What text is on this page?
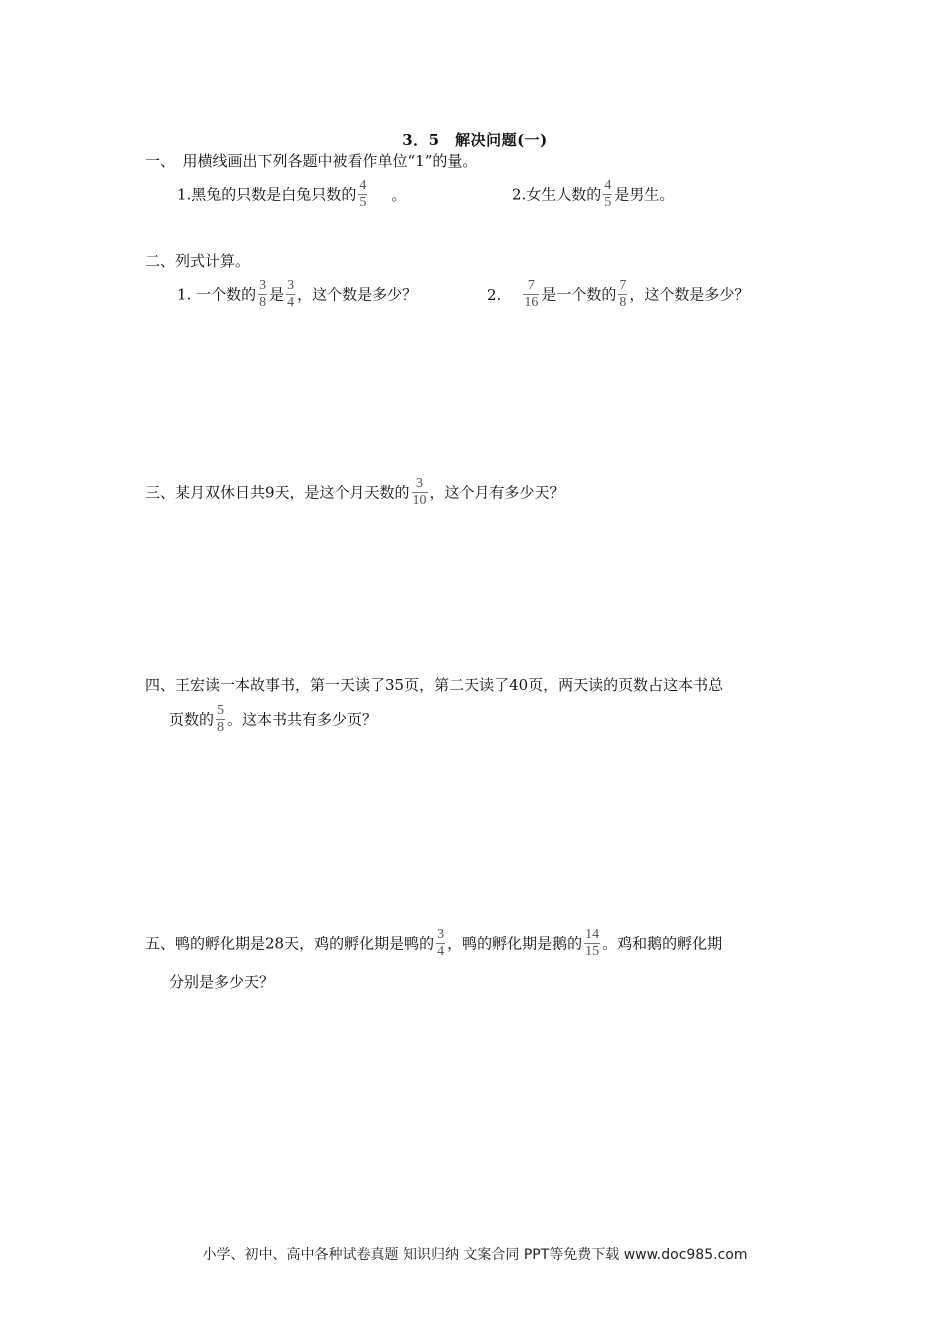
3．5　解决问题(一)
一、　用横线画出下列各题中被看作单位“1”的量。
1.黑兔的只数是白兔只数的 $\frac{4}{5}$ 。	2.女生人数的 $\frac{4}{5}$ 是男生。
二、列式计算。
1. 一个数的 $\frac{3}{8}$ 是 $\frac{3}{4}$ ，这个数是多少？	2. $\frac{7}{16}$ 是一个数的 $\frac{7}{8}$ ，这个数是多少？
三、某月双休日共9天，是这个月天数的 $\frac{3}{10}$ ，这个月有多少天？
四、王宏读一本故事书，第一天读了35页，第二天读了40页，两天读的页数占这本书总
页数的 $\frac{5}{8}$ 。这本书共有多少页？
五、鸭的孵化期是28天，鸡的孵化期是鸭的 $\frac{3}{4}$ ，鸭的孵化期是鹅的 $\frac{14}{15}$ 。鸡和鹅的孵化期
分别是多少天？
小学、初中、高中各种试卷真题 知识归纳 文案合同 PPT等免费下载 www.doc985.com
